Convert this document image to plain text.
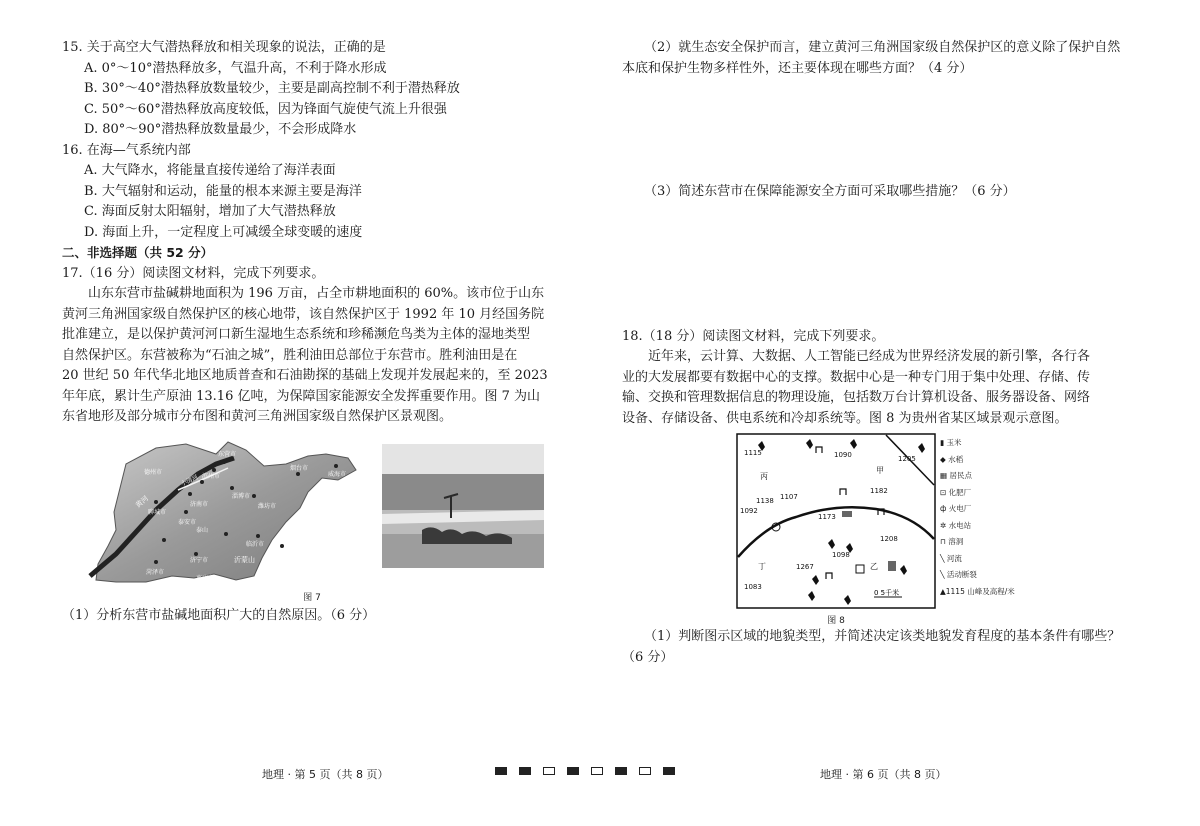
15. 关于高空大气潜热释放和相关现象的说法，正确的是
A. 0°～10°潜热释放多，气温升高，不利于降水形成
B. 30°～40°潜热释放数量较少，主要是副高控制不利于潜热释放
C. 50°～60°潜热释放高度较低，因为锋面气旋使气流上升很强
D. 80°～90°潜热释放数量最少，不会形成降水
16. 在海—气系统内部
A. 大气降水，将能量直接传递给了海洋表面
B. 大气辐射和运动，能量的根本来源主要是海洋
C. 海面反射太阳辐射，增加了大气潜热释放
D. 海面上升，一定程度上可减缓全球变暖的速度
二、非选择题（共 52 分）
17.（16 分）阅读图文材料，完成下列要求。
山东东营市盐碱耕地面积为 196 万亩，占全市耕地面积的 60%。该市位于山东
黄河三角洲国家级自然保护区的核心地带，该自然保护区于 1992 年 10 月经国务院
批准建立，是以保护黄河河口新生湿地生态系统和珍稀濒危鸟类为主体的湿地类型
自然保护区。东营被称为“石油之城”，胜利油田总部位于东营市。胜利油田是在
20 世纪 50 年代华北地区地质普查和石油勘探的基础上发现并发展起来的，至 2023
年年底，累计生产原油 13.16 亿吨，为保障国家能源安全发挥重要作用。图 7 为山
东省地形及部分城市分布图和黄河三角洲国家级自然保护区景观图。
滨州市
东营市
德州市
淄博市
潍坊市
烟台市
威海市
济南市
聊城市
泰安市
临沂市
日照市
济宁市
枣庄市
菏泽市
泰山
沂蒙山
黄河
小清河
青岛市
图 7
（1）分析东营市盐碱地面积广大的自然原因。（6 分）
（2）就生态安全保护而言，建立黄河三角洲国家级自然保护区的意义除了保护自然
本底和保护生物多样性外，还主要体现在哪些方面？（4 分）
（3）简述东营市在保障能源安全方面可采取哪些措施？（6 分）
18.（18 分）阅读图文材料，完成下列要求。
近年来，云计算、大数据、人工智能已经成为世界经济发展的新引擎，各行各
业的大发展都要有数据中心的支撑。数据中心是一种专门用于集中处理、存储、传
输、交换和管理数据信息的物理设施，包括数万台计算机设备、服务器设备、网络
设备、存储设备、供电系统和冷却系统等。图 8 为贵州省某区域景观示意图。
1115	1090	1205
1138 1107
1182
1092
1173
1098
1208
1267
1083
甲
丙
乙
丁
0 5千米
▮ 玉米
◆ 水稻
▦ 居民点
⊡ 化肥厂
ф 火电厂
✲ 水电站
⊓ 溶洞
╲ 河流
╲ 活动断裂
▲1115 山峰及高程/米
图 8
（1）判断图示区域的地貌类型，并简述决定该类地貌发育程度的基本条件有哪些？
（6 分）
地理 · 第 5 页（共 8 页）	地理 · 第 6 页（共 8 页）
